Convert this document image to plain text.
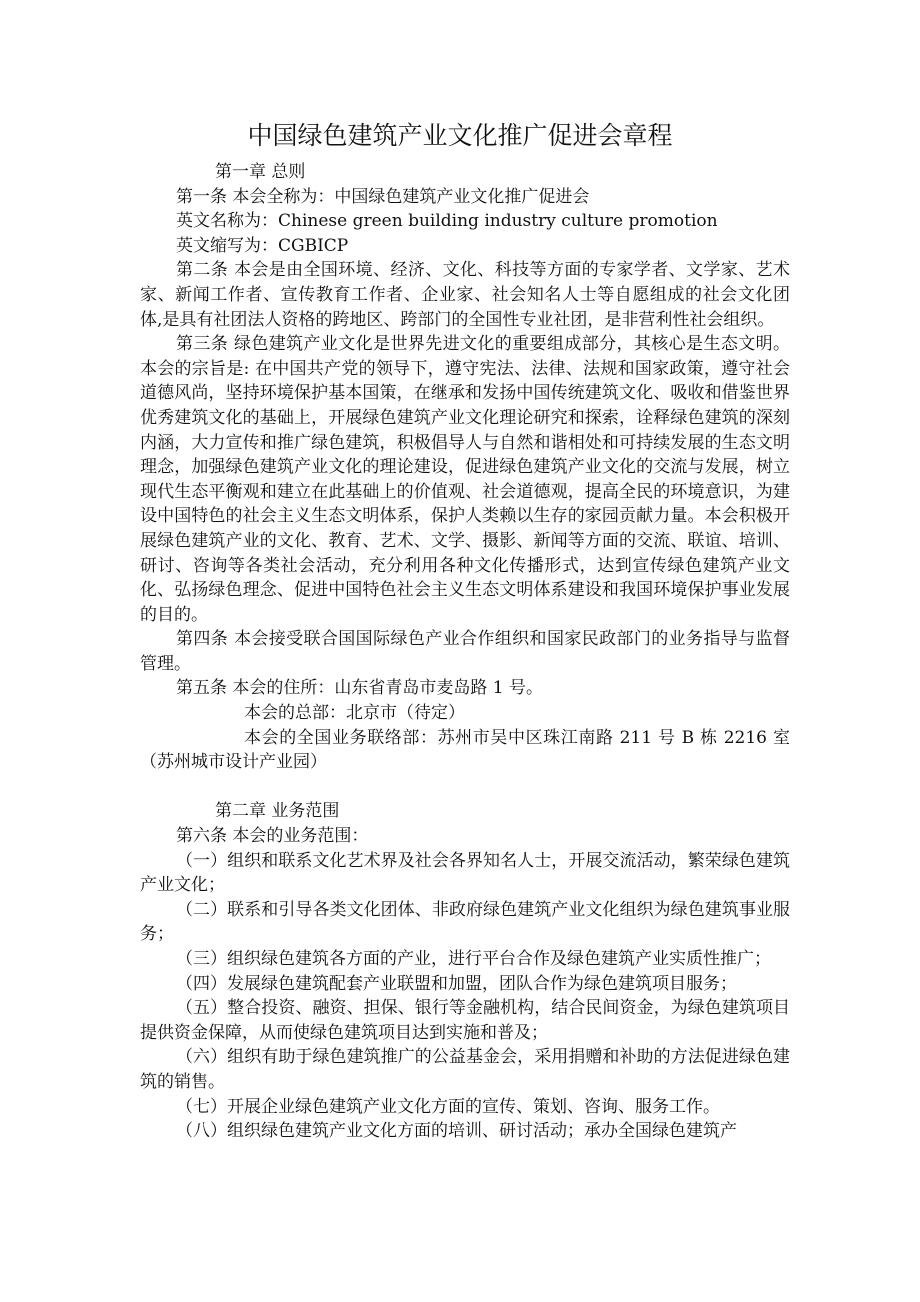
中国绿色建筑产业文化推广促进会章程

第一章 总则

第一条 本会全称为：中国绿色建筑产业文化推广促进会

英文名称为：Chinese green building industry culture promotion

英文缩写为：CGBICP

第二条 本会是由全国环境、经济、文化、科技等方面的专家学者、文学家、艺术家、新闻工作者、宣传教育工作者、企业家、社会知名人士等自愿组成的社会文化团体,是具有社团法人资格的跨地区、跨部门的全国性专业社团，是非营利性社会组织。

第三条 绿色建筑产业文化是世界先进文化的重要组成部分，其核心是生态文明。本会的宗旨是: 在中国共产党的领导下，遵守宪法、法律、法规和国家政策，遵守社会道德风尚，坚持环境保护基本国策，在继承和发扬中国传统建筑文化、吸收和借鉴世界优秀建筑文化的基础上，开展绿色建筑产业文化理论研究和探索，诠释绿色建筑的深刻内涵，大力宣传和推广绿色建筑，积极倡导人与自然和谐相处和可持续发展的生态文明理念，加强绿色建筑产业文化的理论建设，促进绿色建筑产业文化的交流与发展，树立现代生态平衡观和建立在此基础上的价值观、社会道德观，提高全民的环境意识，为建设中国特色的社会主义生态文明体系，保护人类赖以生存的家园贡献力量。本会积极开展绿色建筑产业的文化、教育、艺术、文学、摄影、新闻等方面的交流、联谊、培训、研讨、咨询等各类社会活动，充分利用各种文化传播形式，达到宣传绿色建筑产业文化、弘扬绿色理念、促进中国特色社会主义生态文明体系建设和我国环境保护事业发展的目的。

第四条 本会接受联合国国际绿色产业合作组织和国家民政部门的业务指导与监督管理。

第五条 本会的住所：山东省青岛市麦岛路 1 号。

本会的总部：北京市（待定）

本会的全国业务联络部：苏州市吴中区珠江南路 211 号 B 栋 2216 室（苏州城市设计产业园）

第二章 业务范围

第六条 本会的业务范围：

（一）组织和联系文化艺术界及社会各界知名人士，开展交流活动，繁荣绿色建筑产业文化；

（二）联系和引导各类文化团体、非政府绿色建筑产业文化组织为绿色建筑事业服务；

（三）组织绿色建筑各方面的产业，进行平台合作及绿色建筑产业实质性推广；

（四）发展绿色建筑配套产业联盟和加盟，团队合作为绿色建筑项目服务；

（五）整合投资、融资、担保、银行等金融机构，结合民间资金，为绿色建筑项目提供资金保障，从而使绿色建筑项目达到实施和普及；

（六）组织有助于绿色建筑推广的公益基金会，采用捐赠和补助的方法促进绿色建筑的销售。

（七）开展企业绿色建筑产业文化方面的宣传、策划、咨询、服务工作。

（八）组织绿色建筑产业文化方面的培训、研讨活动；承办全国绿色建筑产
